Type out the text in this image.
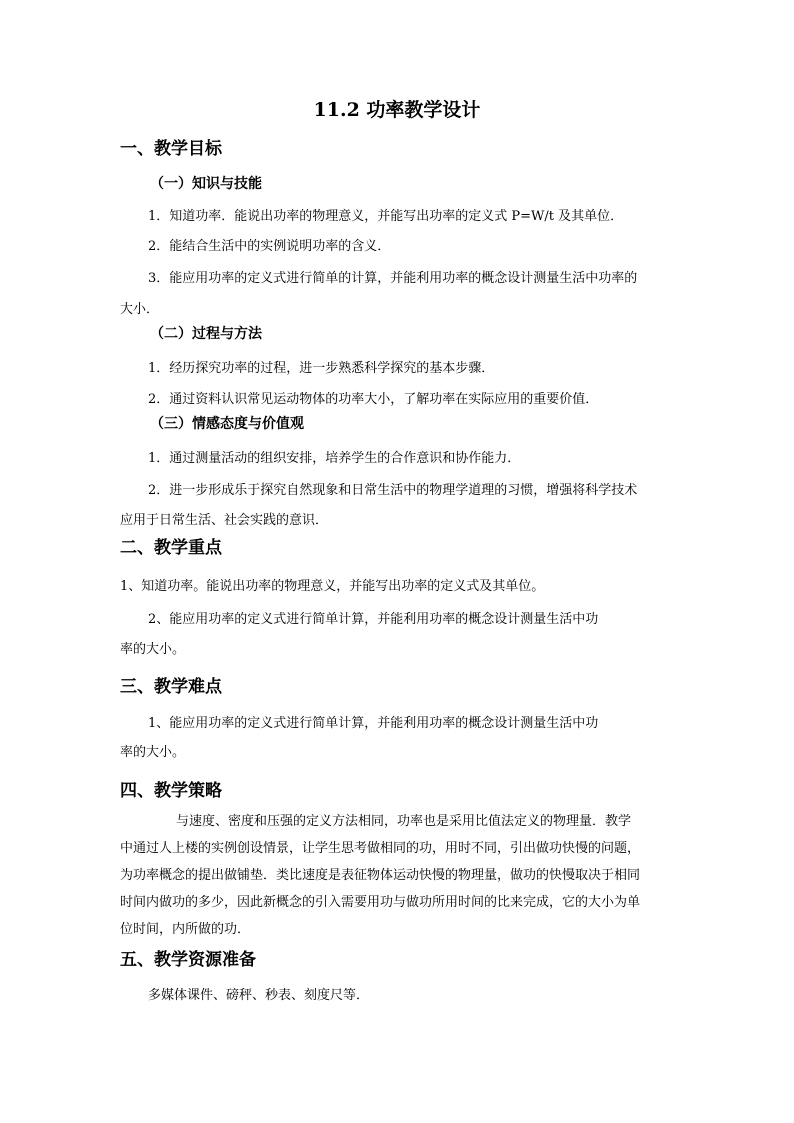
11.2 功率教学设计
一、教学目标
（一）知识与技能
1．知道功率．能说出功率的物理意义，并能写出功率的定义式 P=W/t 及其单位．
2．能结合生活中的实例说明功率的含义．
3．能应用功率的定义式进行简单的计算，并能利用功率的概念设计测量生活中功率的
大小．
（二）过程与方法
1．经历探究功率的过程，进一步熟悉科学探究的基本步骤．
2．通过资料认识常见运动物体的功率大小，了解功率在实际应用的重要价值．
（三）情感态度与价值观
1．通过测量活动的组织安排，培养学生的合作意识和协作能力．
2．进一步形成乐于探究自然现象和日常生活中的物理学道理的习惯，增强将科学技术
应用于日常生活、社会实践的意识．
二、教学重点
1、知道功率。能说出功率的物理意义，并能写出功率的定义式及其单位。
2、能应用功率的定义式进行简单计算，并能利用功率的概念设计测量生活中功
率的大小。
三、教学难点
1、能应用功率的定义式进行简单计算，并能利用功率的概念设计测量生活中功
率的大小。
四、教学策略
与速度、密度和压强的定义方法相同，功率也是采用比值法定义的物理量．教学
中通过人上楼的实例创设情景，让学生思考做相同的功，用时不同，引出做功快慢的问题，
为功率概念的提出做铺垫．类比速度是表征物体运动快慢的物理量，做功的快慢取决于相同
时间内做功的多少，因此新概念的引入需要用功与做功所用时间的比来完成，它的大小为单
位时间，内所做的功．
五、教学资源准备
多媒体课件、磅秤、秒表、刻度尺等．
